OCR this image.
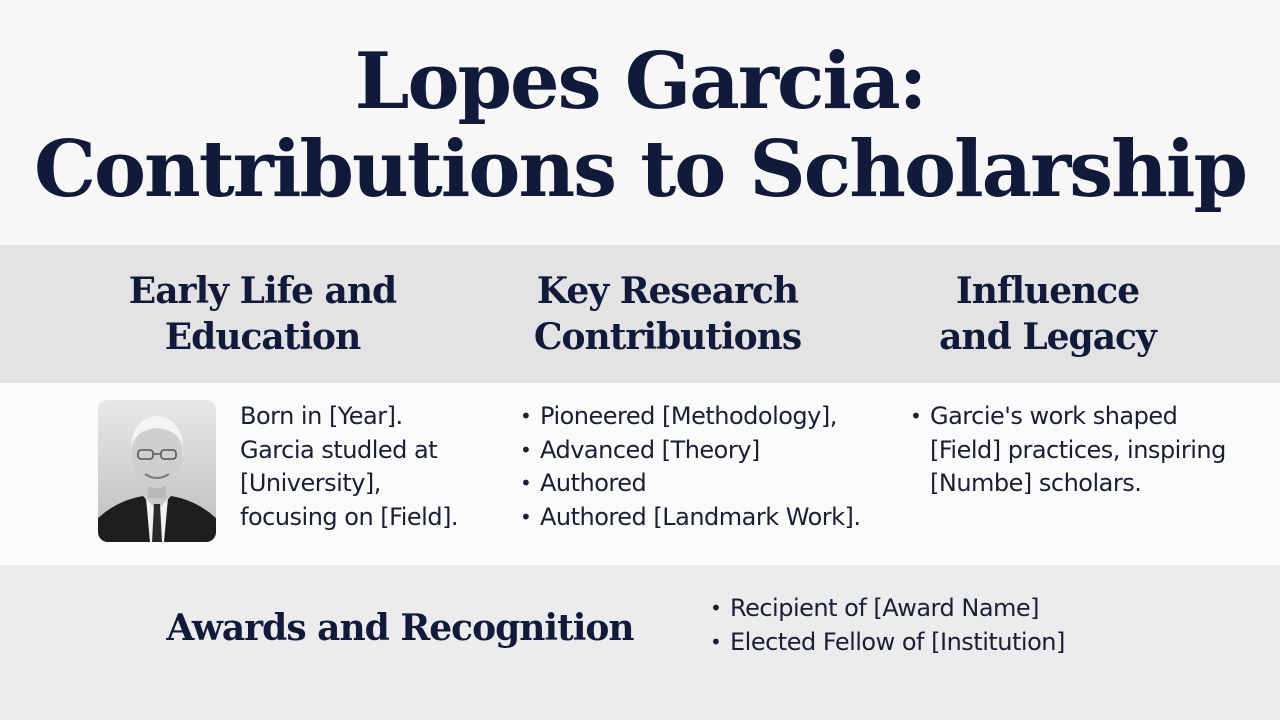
Lopes Garcia:
Contributions to Scholarship
Early Life and
Education
Key Research
Contributions
Influence
and Legacy
Born in [Year].
Garcia studled at
[University],
focusing on [Field].
• Pioneered [Methodology],
• Advanced [Theory]
• Authored
• Authored [Landmark Work].
• Garcie's work shaped [Field] practices, inspiring [Numbe] scholars.
Awards and Recognition
•	Recipient of [Award Name]
• Elected Fellow of [Institution]
